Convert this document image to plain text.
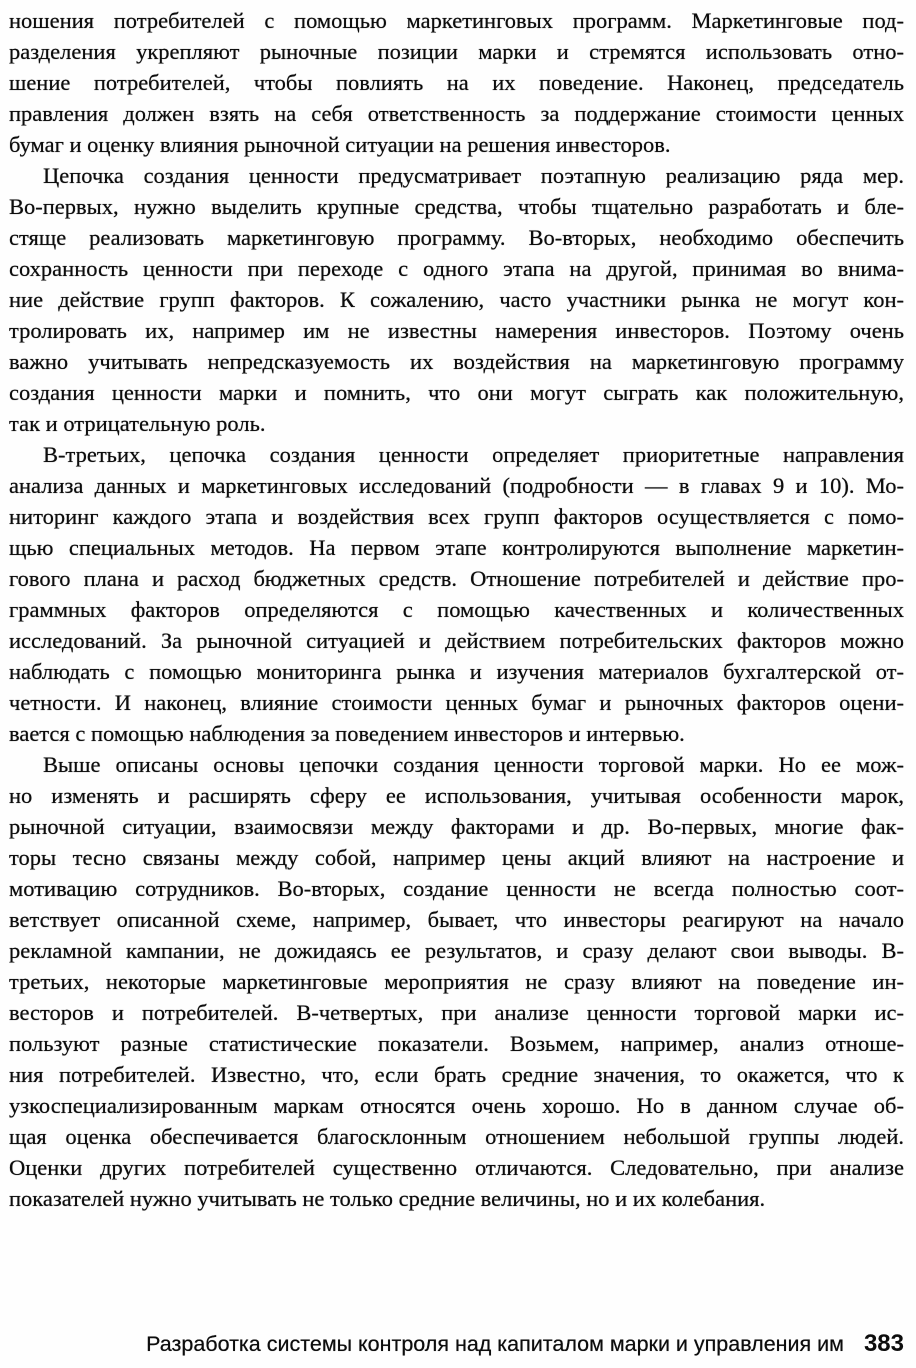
ношения потребителей с помощью маркетинговых программ. Маркетинговые под-
разделения укрепляют рыночные позиции марки и стремятся использовать отно-
шение потребителей, чтобы повлиять на их поведение. Наконец, председатель
правления должен взять на себя ответственность за поддержание стоимости ценных
бумаг и оценку влияния рыночной ситуации на решения инвесторов.
Цепочка создания ценности предусматривает поэтапную реализацию ряда мер.
Во-первых, нужно выделить крупные средства, чтобы тщательно разработать и бле-
стяще реализовать маркетинговую программу. Во-вторых, необходимо обеспечить
сохранность ценности при переходе с одного этапа на другой, принимая во внима-
ние действие групп факторов. К сожалению, часто участники рынка не могут кон-
тролировать их, например им не известны намерения инвесторов. Поэтому очень
важно учитывать непредсказуемость их воздействия на маркетинговую программу
создания ценности марки и помнить, что они могут сыграть как положительную,
так и отрицательную роль.
В-третьих, цепочка создания ценности определяет приоритетные направления
анализа данных и маркетинговых исследований (подробности — в главах 9 и 10). Мо-
ниторинг каждого этапа и воздействия всех групп факторов осуществляется с помо-
щью специальных методов. На первом этапе контролируются выполнение маркетин-
гового плана и расход бюджетных средств. Отношение потребителей и действие про-
граммных факторов определяются с помощью качественных и количественных
исследований. За рыночной ситуацией и действием потребительских факторов можно
наблюдать с помощью мониторинга рынка и изучения материалов бухгалтерской от-
четности. И наконец, влияние стоимости ценных бумаг и рыночных факторов оцени-
вается с помощью наблюдения за поведением инвесторов и интервью.
Выше описаны основы цепочки создания ценности торговой марки. Но ее мож-
но изменять и расширять сферу ее использования, учитывая особенности марок,
рыночной ситуации, взаимосвязи между факторами и др. Во-первых, многие фак-
торы тесно связаны между собой, например цены акций влияют на настроение и
мотивацию сотрудников. Во-вторых, создание ценности не всегда полностью соот-
ветствует описанной схеме, например, бывает, что инвесторы реагируют на начало
рекламной кампании, не дожидаясь ее результатов, и сразу делают свои выводы. В-
третьих, некоторые маркетинговые мероприятия не сразу влияют на поведение ин-
весторов и потребителей. В-четвертых, при анализе ценности торговой марки ис-
пользуют разные статистические показатели. Возьмем, например, анализ отноше-
ния потребителей. Известно, что, если брать средние значения, то окажется, что к
узкоспециализированным маркам относятся очень хорошо. Но в данном случае об-
щая оценка обеспечивается благосклонным отношением небольшой группы людей.
Оценки других потребителей существенно отличаются. Следовательно, при анализе
показателей нужно учитывать не только средние величины, но и их колебания.
Разработка системы контроля над капиталом марки и управления им 383
